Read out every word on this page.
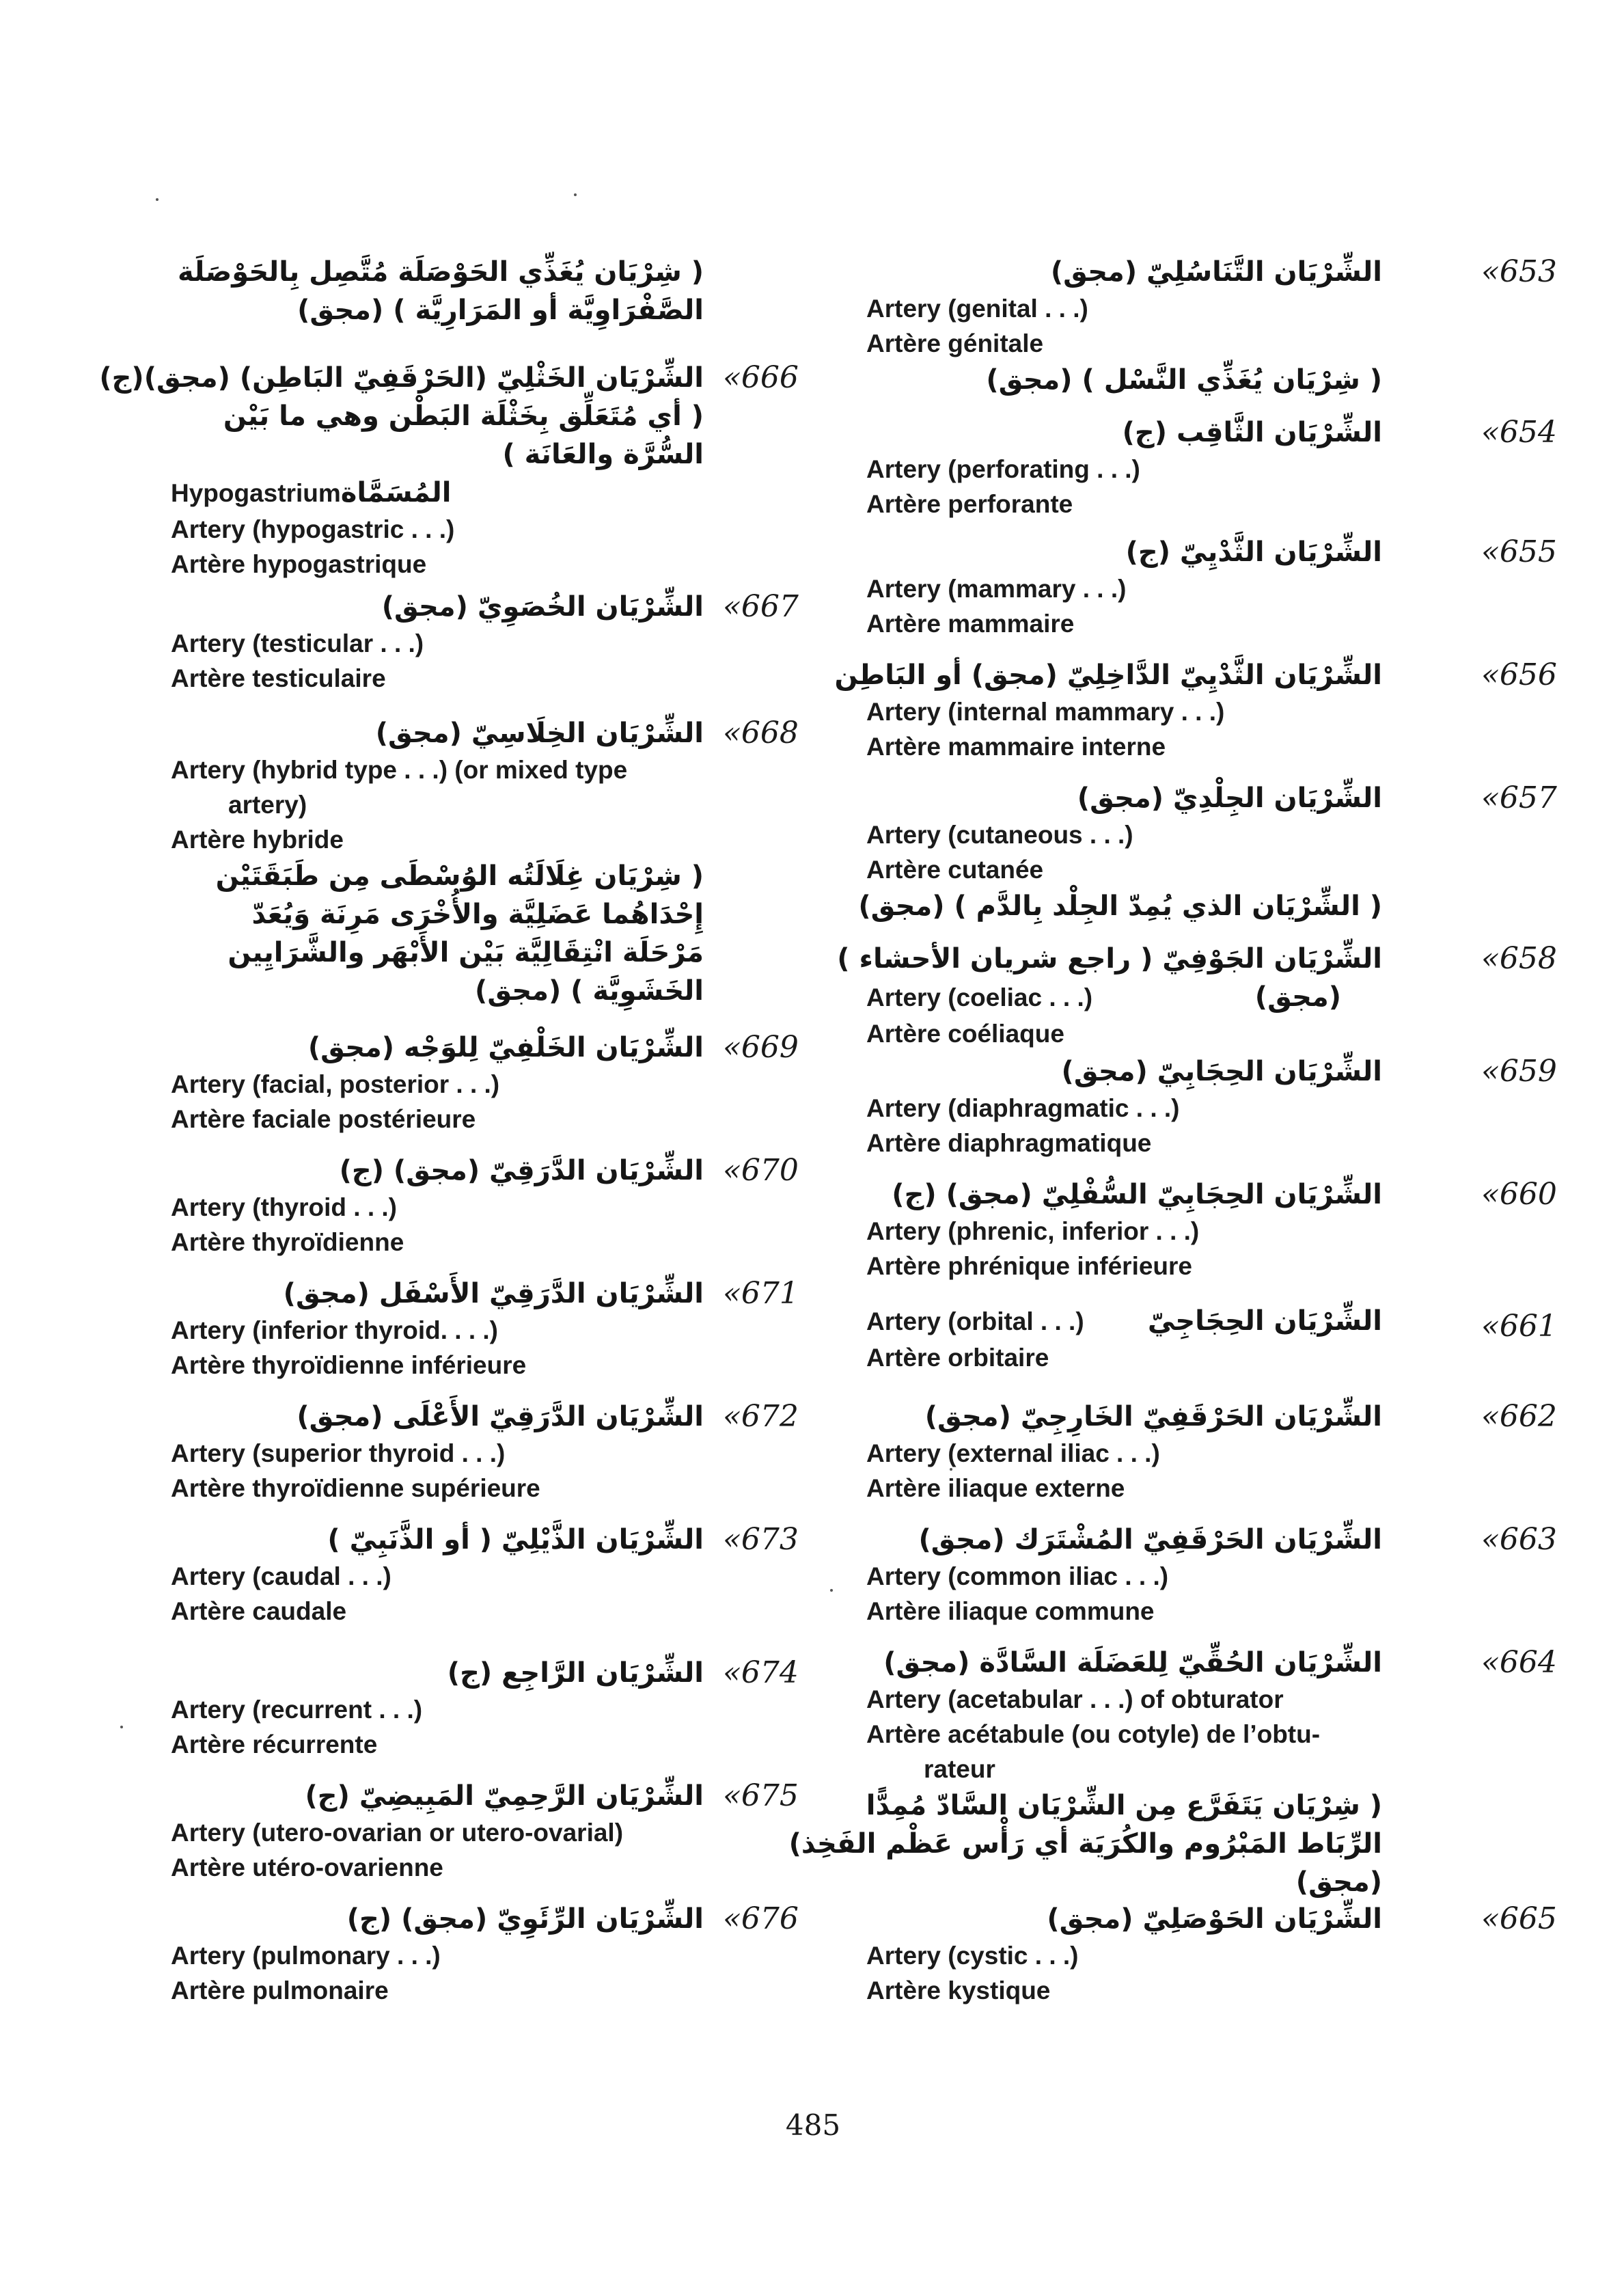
( شِرْيَان يُغَذِّي الحَوْصَلَة مُتَّصِل بِالحَوْصَلَة
الصَّفْرَاوِيَّة أو المَرَارِيَّة ) (مجق)
«666
الشِّرْيَان الخَثْلِيّ (الحَرْقَفِيّ البَاطِن) (مجق)(ج)
( أي مُتَعَلِّق بِخَثْلَة البَطْن وهي ما بَيْن
السُّرَّة والعَانَة )
Hypogastrium المُسَمَّاة
Artery (hypogastric . . .)
Artère hypogastrique
«667
الشِّرْيَان الخُصَوِيّ (مجق)
Artery (testicular . . .)
Artère testiculaire
«668
الشِّرْيَان الخِلَاسِيّ (مجق)
Artery (hybrid type . . .) (or mixed type
artery)
Artère hybride
( شِرْيَان غِلَالَتُه الوُسْطَى مِن طَبَقَتَيْن
إِحْدَاهُما عَضَلِيَّة والأُخْرَى مَرِنَة وَيُعَدّ
مَرْحَلَة انْتِقَالِيَّة بَيْن الأَبْهَر والشَّرَايِين
الخَشَوِيَّة ) (مجق)
«669
الشِّرْيَان الخَلْفِيّ لِلوَجْه (مجق)
Artery (facial, posterior . . .)
Artère faciale postérieure
«670
الشِّرْيَان الدَّرَقِيّ (مجق) (ج)
Artery (thyroid . . .)
Artère thyroïdienne
«671
الشِّرْيَان الدَّرَقِيّ الأَسْفَل (مجق)
Artery (inferior thyroid. . . .)
Artère thyroïdienne inférieure
«672
الشِّرْيَان الدَّرَقِيّ الأَعْلَى (مجق)
Artery (superior thyroid . . .)
Artère thyroïdienne supérieure
«673
الشِّرْيَان الذَّيْلِيّ ( أو الذَّنَبِيّ )
Artery (caudal . . .)
Artère caudale
«674
الشِّرْيَان الرَّاجِع (ج)
Artery (recurrent . . .)
Artère récurrente
«675
الشِّرْيَان الرَّحِمِيّ المَبِيضِيّ (ج)
Artery (utero-ovarian or utero-ovarial)
Artère utéro-ovarienne
«676
الشِّرْيَان الرِّئَوِيّ (مجق) (ج)
Artery (pulmonary . . .)
Artère pulmonaire
«653
الشِّرْيَان التَّنَاسُلِيّ (مجق)
Artery (genital . . .)
Artère génitale
( شِرْيَان يُغَذِّي النَّسْل ) (مجق)
«654
الشِّرْيَان الثَّاقِب (ج)
Artery (perforating . . .)
Artère perforante
«655
الشِّرْيَان الثَّدْيِيّ (ج)
Artery (mammary . . .)
Artère mammaire
«656
الشِّرْيَان الثَّدْيِيّ الدَّاخِلِيّ (مجق) أو البَاطِن
Artery (internal mammary . . .)
Artère mammaire interne
«657
الشِّرْيَان الجِلْدِيّ (مجق)
Artery (cutaneous . . .)
Artère cutanée
( الشِّرْيَان الذي يُمِدّ الجِلْد بِالدَّم ) (مجق)
«658
الشِّرْيَان الجَوْفِيّ ( راجع شريان الأحشاء )
Artery (coeliac . . .)	(مجق)
Artère coéliaque
«659
الشِّرْيَان الحِجَابِيّ (مجق)
Artery (diaphragmatic . . .)
Artère diaphragmatique
«660
الشِّرْيَان الحِجَابِيّ السُّفْلِيّ (مجق) (ج)
Artery (phrenic, inferior . . .)
Artère phrénique inférieure
«661
Artery (orbital . . .) الشِّرْيَان الحِجَاجِيّ
Artère orbitaire
«662
الشِّرْيَان الحَرْقَفِيّ الخَارِجِيّ (مجق)
Artery (external iliac . . .)
Artère iliaque externe
«663
الشِّرْيَان الحَرْقَفِيّ المُشْتَرَك (مجق)
Artery (common iliac . . .)
Artère iliaque commune
«664
الشِّرْيَان الحُقِّيّ لِلعَضَلَة السَّادَّة (مجق)
Artery (acetabular . . .) of obturator
Artère acétabule (ou cotyle) de l’obtu-
rateur
( شِرْيَان يَتَفَرَّع مِن الشِّرْيَان السَّادّ مُمِدًّا
الرِّبَاط المَبْرُوم والكُرَيَة أي رَأْس عَظْم الفَخِذ)
(مجق)
«665
الشِّرْيَان الحَوْصَلِيّ (مجق)
Artery (cystic . . .)
Artère kystique
485
